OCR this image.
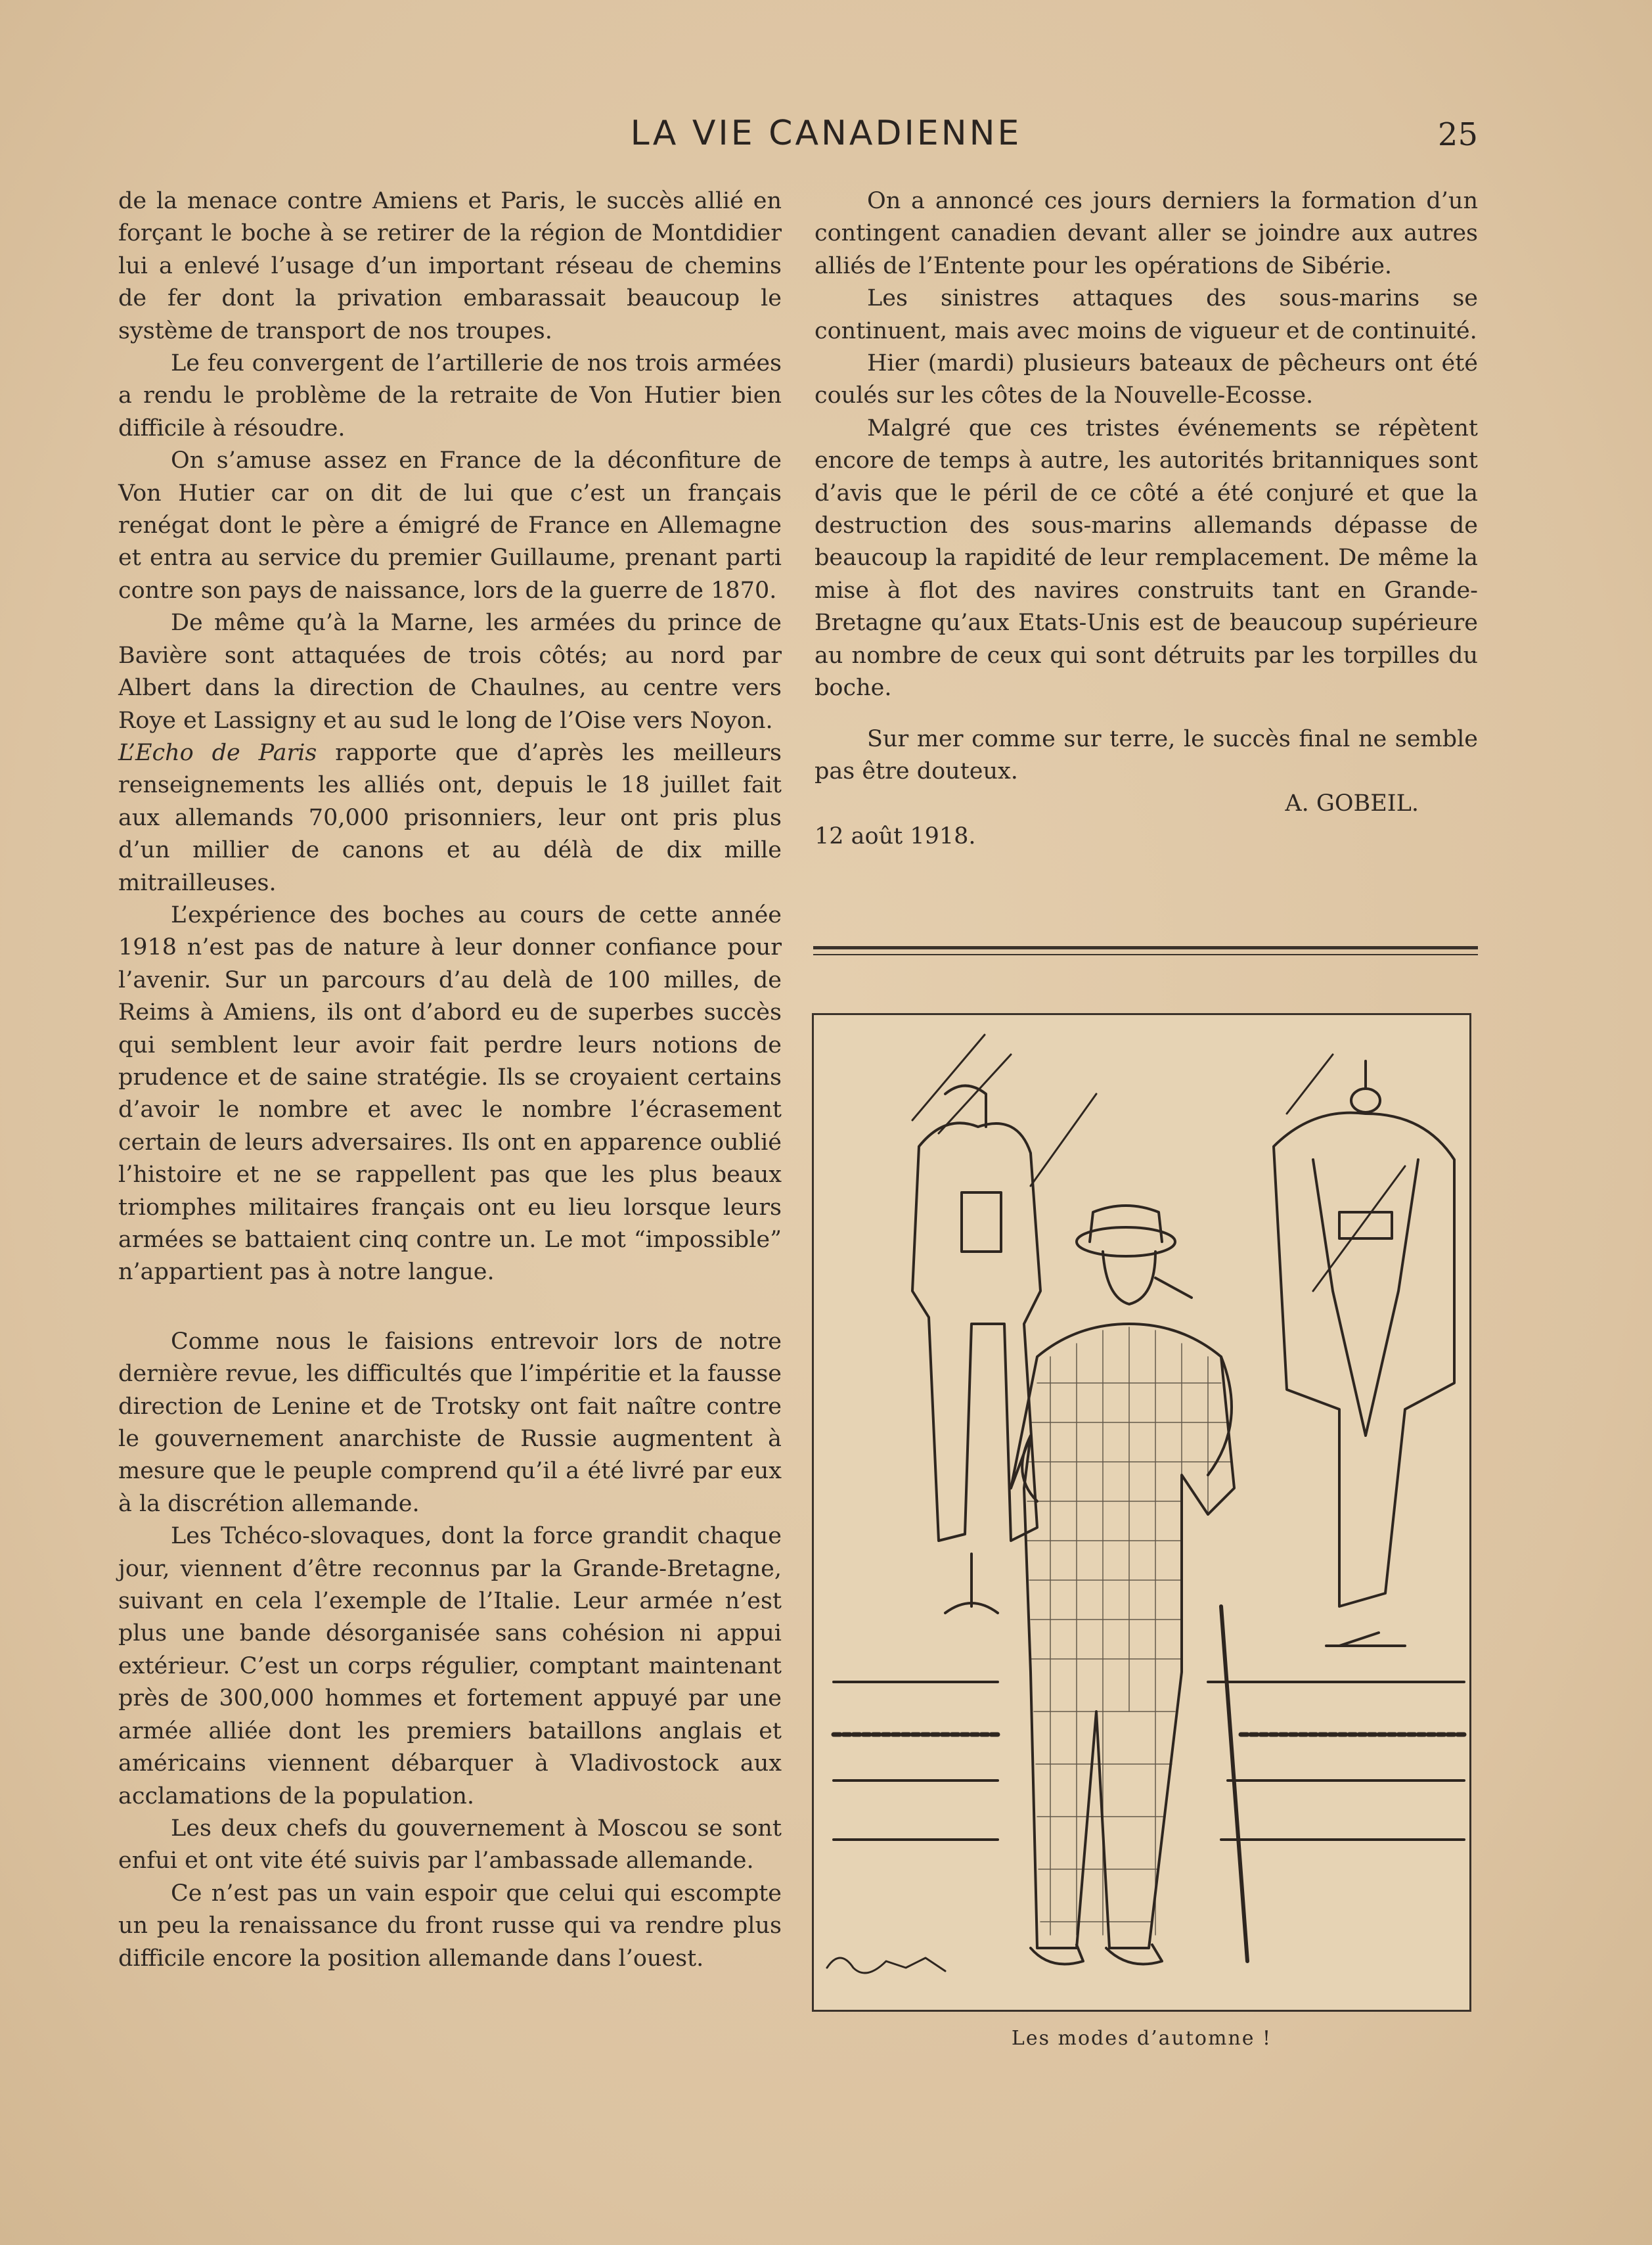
LA VIE CANADIENNE	25

de la menace contre Amiens et Paris, le succès allié en forçant le boche à se retirer de la région de Montdidier lui a enlevé l’usage d’un important réseau de chemins de fer dont la privation embarassait beaucoup le système de transport de nos troupes.

Le feu convergent de l’artillerie de nos trois armées a rendu le problème de la retraite de Von Hutier bien difficile à résoudre.

On s’amuse assez en France de la déconfiture de Von Hutier car on dit de lui que c’est un français renégat dont le père a émigré de France en Allemagne et entra au service du premier Guillaume, prenant parti contre son pays de naissance, lors de la guerre de 1870.

De même qu’à la Marne, les armées du prince de Bavière sont attaquées de trois côtés; au nord par Albert dans la direction de Chaulnes, au centre vers Roye et Lassigny et au sud le long de l’Oise vers Noyon.

L’Echo de Paris rapporte que d’après les meilleurs renseignements les alliés ont, depuis le 18 juillet fait aux allemands 70,000 prisonniers, leur ont pris plus d’un millier de canons et au délà de dix mille mitrailleuses.

L’expérience des boches au cours de cette année 1918 n’est pas de nature à leur donner confiance pour l’avenir. Sur un parcours d’au delà de 100 milles, de Reims à Amiens, ils ont d’abord eu de superbes succès qui semblent leur avoir fait perdre leurs notions de prudence et de saine stratégie. Ils se croyaient certains d’avoir le nombre et avec le nombre l’écrasement certain de leurs adversaires. Ils ont en apparence oublié l’histoire et ne se rappellent pas que les plus beaux triomphes militaires français ont eu lieu lorsque leurs armées se battaient cinq contre un. Le mot “impossible” n’appartient pas à notre langue.

Comme nous le faisions entrevoir lors de notre dernière revue, les difficultés que l’impéritie et la fausse direction de Lenine et de Trotsky ont fait naître contre le gouvernement anarchiste de Russie augmentent à mesure que le peuple comprend qu’il a été livré par eux à la discrétion allemande.

Les Tchéco-slovaques, dont la force grandit chaque jour, viennent d’être reconnus par la Grande-Bretagne, suivant en cela l’exemple de l’Italie. Leur armée n’est plus une bande désorganisée sans cohésion ni appui extérieur. C’est un corps régulier, comptant maintenant près de 300,000 hommes et fortement appuyé par une armée alliée dont les premiers bataillons anglais et américains viennent débarquer à Vladivostock aux acclamations de la population.

Les deux chefs du gouvernement à Moscou se sont enfui et ont vite été suivis par l’ambassade allemande.

Ce n’est pas un vain espoir que celui qui escompte un peu la renaissance du front russe qui va rendre plus difficile encore la position allemande dans l’ouest.

On a annoncé ces jours derniers la formation d’un contingent canadien devant aller se joindre aux autres alliés de l’Entente pour les opérations de Sibérie.

Les sinistres attaques des sous-marins se continuent, mais avec moins de vigueur et de continuité.

Hier (mardi) plusieurs bateaux de pêcheurs ont été coulés sur les côtes de la Nouvelle-Ecosse.

Malgré que ces tristes événements se répètent encore de temps à autre, les autorités britanniques sont d’avis que le péril de ce côté a été conjuré et que la destruction des sous-marins allemands dépasse de beaucoup la rapidité de leur remplacement. De même la mise à flot des navires construits tant en Grande-Bretagne qu’aux Etats-Unis est de beaucoup supérieure au nombre de ceux qui sont détruits par les torpilles du boche.

Sur mer comme sur terre, le succès final ne semble pas être douteux.

A. GOBEIL.

12 août 1918.

Les modes d’automne !
